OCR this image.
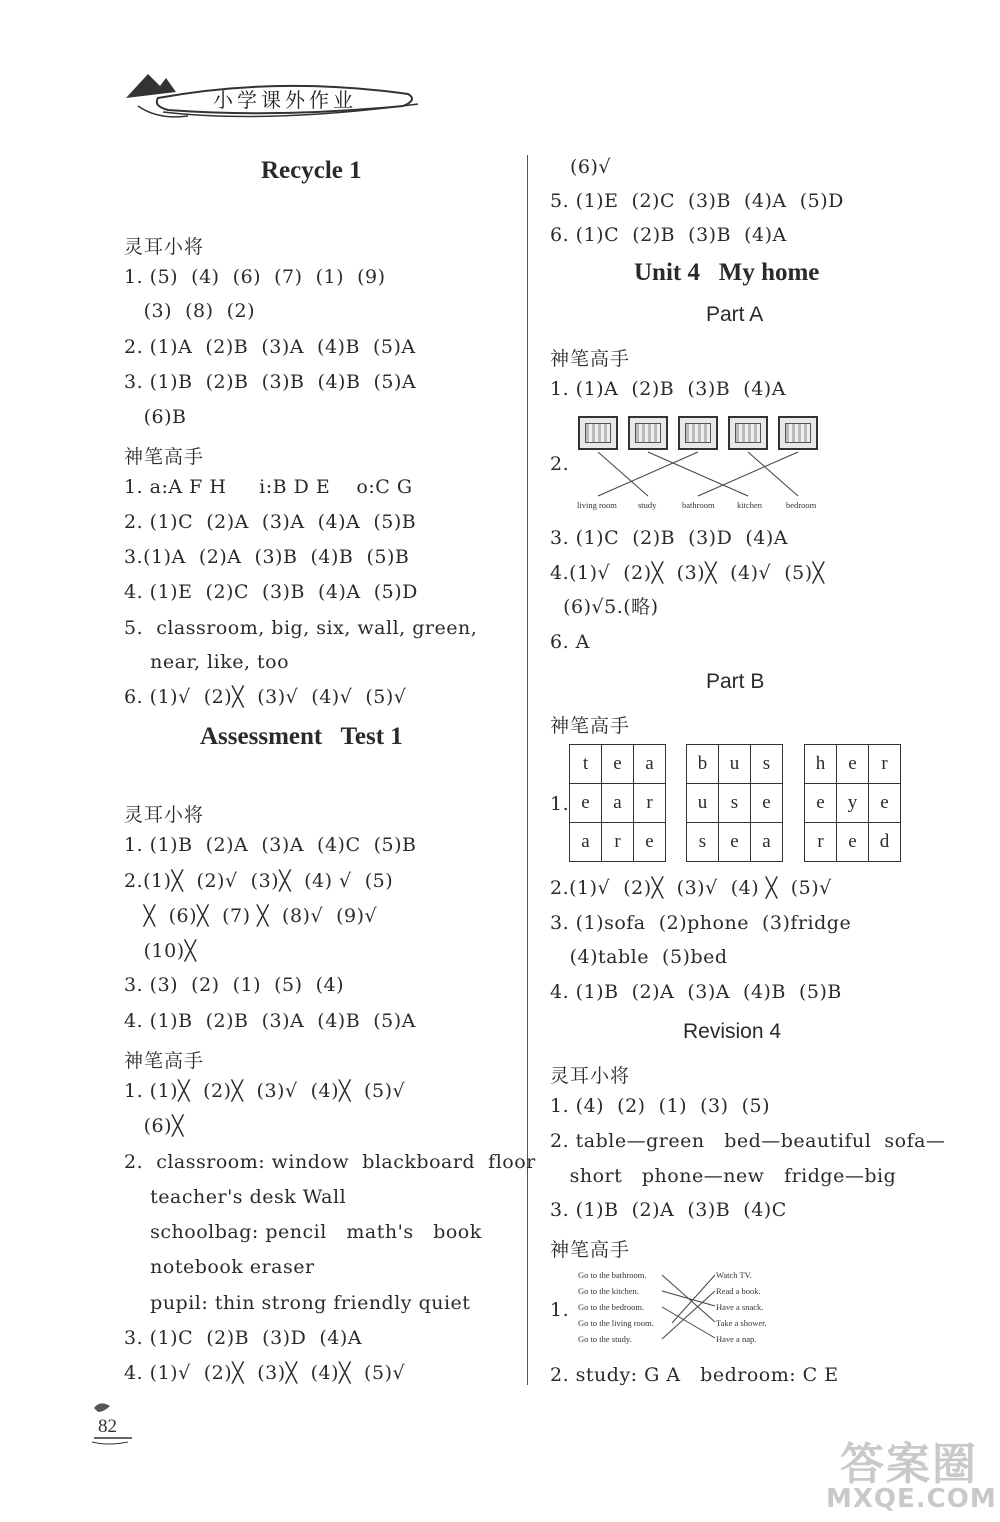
小学课外作业
Recycle 1
灵耳小将
1. (5)  (4)  (6)  (7)  (1)  (9)
(3)  (8)  (2)
2. (1)A  (2)B  (3)A  (4)B  (5)A
3. (1)B  (2)B  (3)B  (4)B  (5)A
(6)B
神笔高手
1. a:A F H     i:B D E    o:C G
2. (1)C  (2)A  (3)A  (4)A  (5)B
3.(1)A  (2)A  (3)B  (4)B  (5)B
4. (1)E  (2)C  (3)B  (4)A  (5)D
5.  classroom, big, six, wall, green,
near, like, too
6. (1)√  (2)╳  (3)√  (4)√  (5)√
Assessment   Test 1
灵耳小将
1. (1)B  (2)A  (3)A  (4)C  (5)B
2.(1)╳  (2)√  (3)╳  (4) √  (5)
╳  (6)╳  (7) ╳  (8)√  (9)√
(10)╳
3. (3)  (2)  (1)  (5)  (4)
4. (1)B  (2)B  (3)A  (4)B  (5)A
神笔高手
1. (1)╳  (2)╳  (3)√  (4)╳  (5)√
(6)╳
2.  classroom: window  blackboard  floor
teacher's desk Wall
schoolbag: pencil   math's   book
notebook eraser
pupil: thin strong friendly quiet
3. (1)C  (2)B  (3)D  (4)A
4. (1)√  (2)╳  (3)╳  (4)╳  (5)√
(6)√
5. (1)E  (2)C  (3)B  (4)A  (5)D
6. (1)C  (2)B  (3)B  (4)A
Unit 4   My home
Part A
神笔高手
1. (1)A  (2)B  (3)B  (4)A
2.
living room study	bathroom	kitchen	bedroom
3. (1)C  (2)B  (3)D  (4)A
4.(1)√  (2)╳  (3)╳  (4)√  (5)╳
(6)√5.(略)
6. A
Part B
神笔高手
1.
t	e	a
e	a	r
a	r	e
b	u	s
u	s	e
s	e	a
h	e	r
e	y	e
r	e	d
2.(1)√  (2)╳  (3)√  (4) ╳  (5)√
3. (1)sofa  (2)phone  (3)fridge
(4)table  (5)bed
4. (1)B  (2)A  (3)A  (4)B  (5)B
Revision 4
灵耳小将
1. (4)  (2)  (1)  (3)  (5)
2. table—green   bed—beautiful  sofa—
short   phone—new   fridge—big
3. (1)B  (2)A  (3)B  (4)C
神笔高手
1.
Go to the bathroom.
Go to the kitchen.
Go to the bedroom.
Go to the living room.
Go to the study.
Watch TV.
Read a book.
Have a snack.
Take a shower.
Have a nap.
2. study: G A   bedroom: C E
82
答案圈
MXQE.COM
